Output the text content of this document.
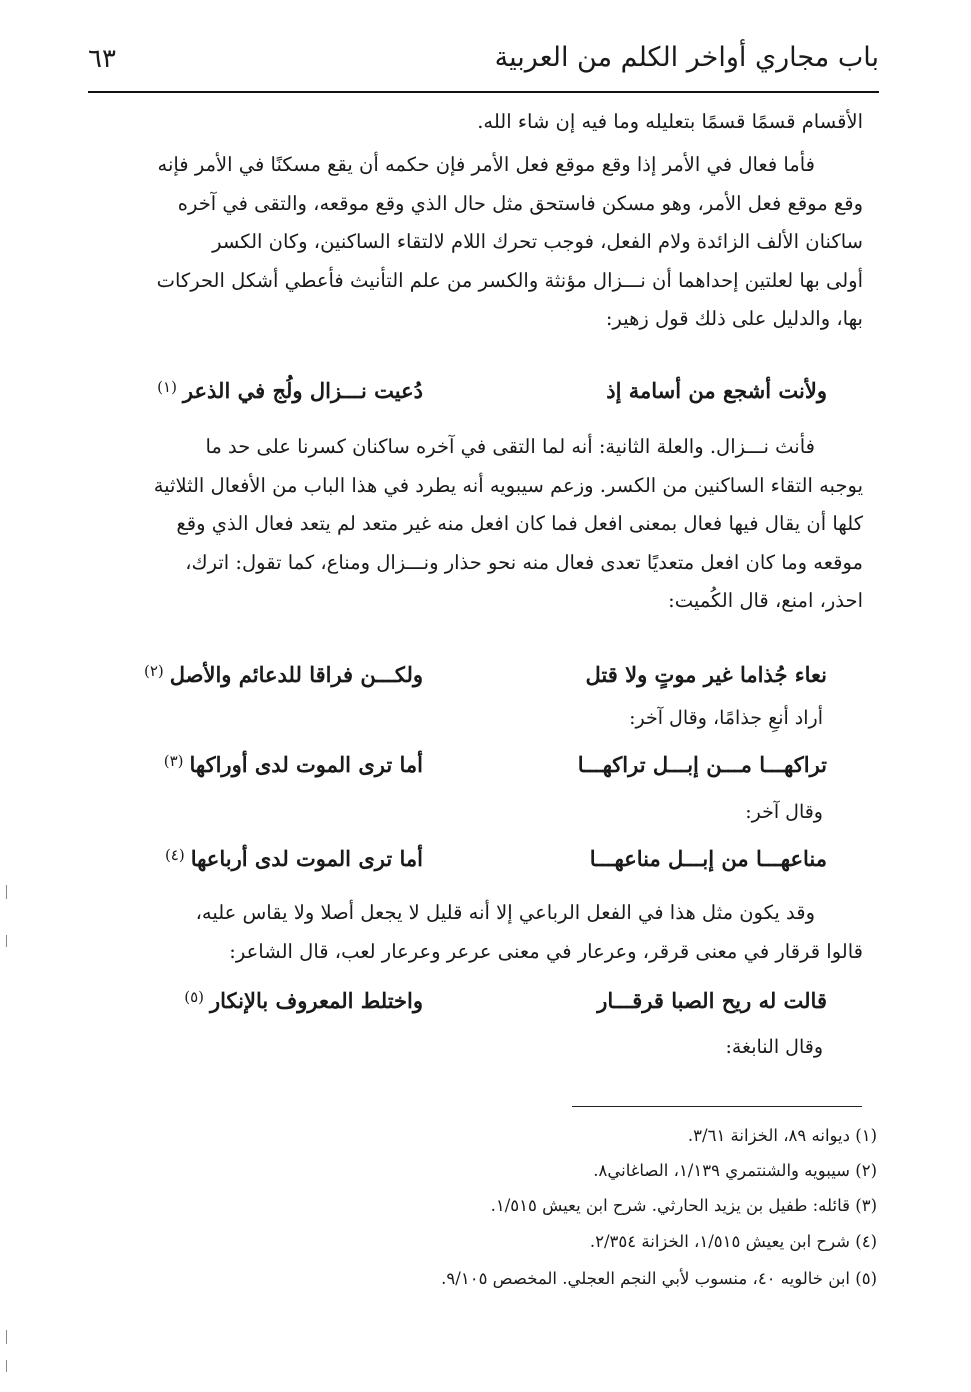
باب مجاري أواخر الكلم من العربية
٦٣
الأقسام قسمًا قسمًا بتعليله وما فيه إن شاء الله.
فأما فعال في الأمر إذا وقع موقع فعل الأمر فإن حكمه أن يقع مسكنًا في الأمر فإنه
وقع موقع فعل الأمر، وهو مسكن فاستحق مثل حال الذي وقع موقعه، والتقى في آخره
ساكنان الألف الزائدة ولام الفعل، فوجب تحرك اللام لالتقاء الساكنين، وكان الكسر
أولى بها لعلتين إحداهما أن نـــزال مؤنثة والكسر من علم التأنيث فأعطي أشكل الحركات
بها، والدليل على ذلك قول زهير:
ولأنت أشجع من أسامة إذ
دُعيت نـــزال ولُج في الذعر$^{(١)}$
فأنث نـــزال. والعلة الثانية: أنه لما التقى في آخره ساكنان كسرنا على حد ما
يوجبه التقاء الساكنين من الكسر. وزعم سيبويه أنه يطرد في هذا الباب من الأفعال الثلاثية
كلها أن يقال فيها فعال بمعنى افعل فما كان افعل منه غير متعد لم يتعد فعال الذي وقع
موقعه وما كان افعل متعديًا تعدى فعال منه نحو حذار ونـــزال ومناع، كما تقول: اترك،
احذر، امنع، قال الكُميت:
نعاء جُذاما غير موتٍ ولا قتل
ولكـــن فراقا للدعائم والأصل$^{(٢)}$
أراد أنعِ جذامًا، وقال آخر:
تراكهـــا مـــن إبـــل تراكهـــا
أما ترى الموت لدى أوراكها$^{(٣)}$
وقال آخر:
مناعهـــا من إبـــل مناعهـــا
أما ترى الموت لدى أرباعها$^{(٤)}$
وقد يكون مثل هذا في الفعل الرباعي إلا أنه قليل لا يجعل أصلا ولا يقاس عليه،
قالوا قرقار في معنى قرقر، وعرعار في معنى عرعر وعرعار لعب، قال الشاعر:
قالت له ريح الصبا قرقـــار
واختلط المعروف بالإنكار$^{(٥)}$
وقال النابغة:
(١) ديوانه ٨٩، الخزانة ٣/٦١.
(٢) سيبويه والشنتمري ١/١٣٩، الصاغاني٨.
(٣) قائله: طفيل بن يزيد الحارثي. شرح ابن يعيش ١/٥١٥.
(٤) شرح ابن يعيش ١/٥١٥، الخزانة ٢/٣٥٤.
(٥) ابن خالويه ٤٠، منسوب لأبي النجم العجلي. المخصص ٩/١٠٥.
